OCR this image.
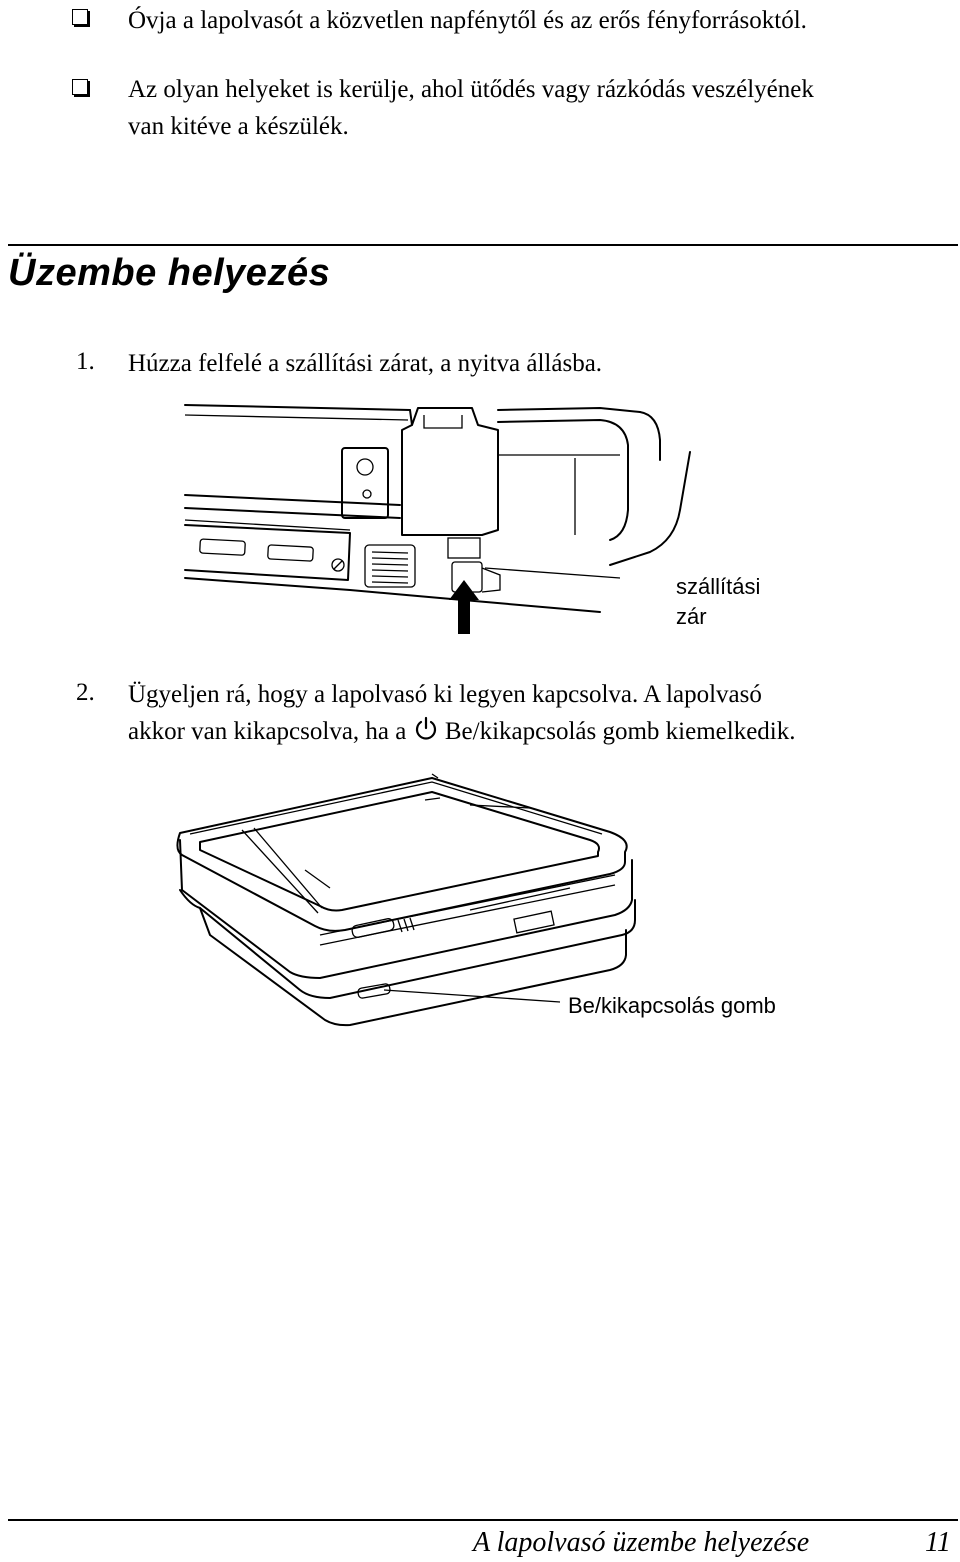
Óvja a lapolvasót a közvetlen napfénytől és az erős fényforrásoktól.
Az olyan helyeket is kerülje, ahol ütődés vagy rázkódás veszélyének
van kitéve a készülék.
Üzembe helyezés
1. Húzza felfelé a szállítási zárat, a nyitva állásba.
szállítási
zár
2. Ügyeljen rá, hogy a lapolvasó ki legyen kapcsolva. A lapolvasó
akkor van kikapcsolva, ha a Be/kikapcsolás gomb kiemelkedik.
Be/kikapcsolás gomb
A lapolvasó üzembe helyezése	11
